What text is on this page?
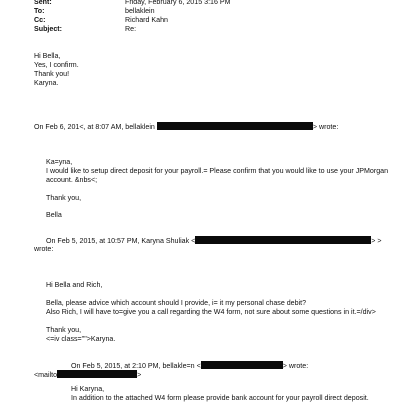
Sent:	Friday, February 6, 2015 3:16 PM
To:	bellaklein
Cc:	Richard Kahn
Subject:	Re:
Hi Bella,
Yes, I confirm.
Thank you!
Karyna.
On Feb 6, 201<, at 8:07 AM, bellaklein	> wrote:
Ka=yna,
I would like to setup direct deposit for your payroll.= Please confirm that you would like to use your JPMorgan
account. &nbs<;
Thank you,
Bella
On Feb 5, 2015, at 10:57 PM, Karyna Shuliak <	> >
wrote:
Hi Bella and Rich,
Bella, please advice which account should I provide, i= it my personal chase debit?
Also Rich, I will have to=give you a call regarding the W4 form, not sure about some questions in it.=/div>
Thank you,
<=iv class="">Karyna.
On Feb 5, 2015, at 2:10 PM, bellakle=n <	> wrote:
<mailto	>
Hi Karyna,
In addition to the attached W4 form please provide bank account for your payroll direct deposit.
